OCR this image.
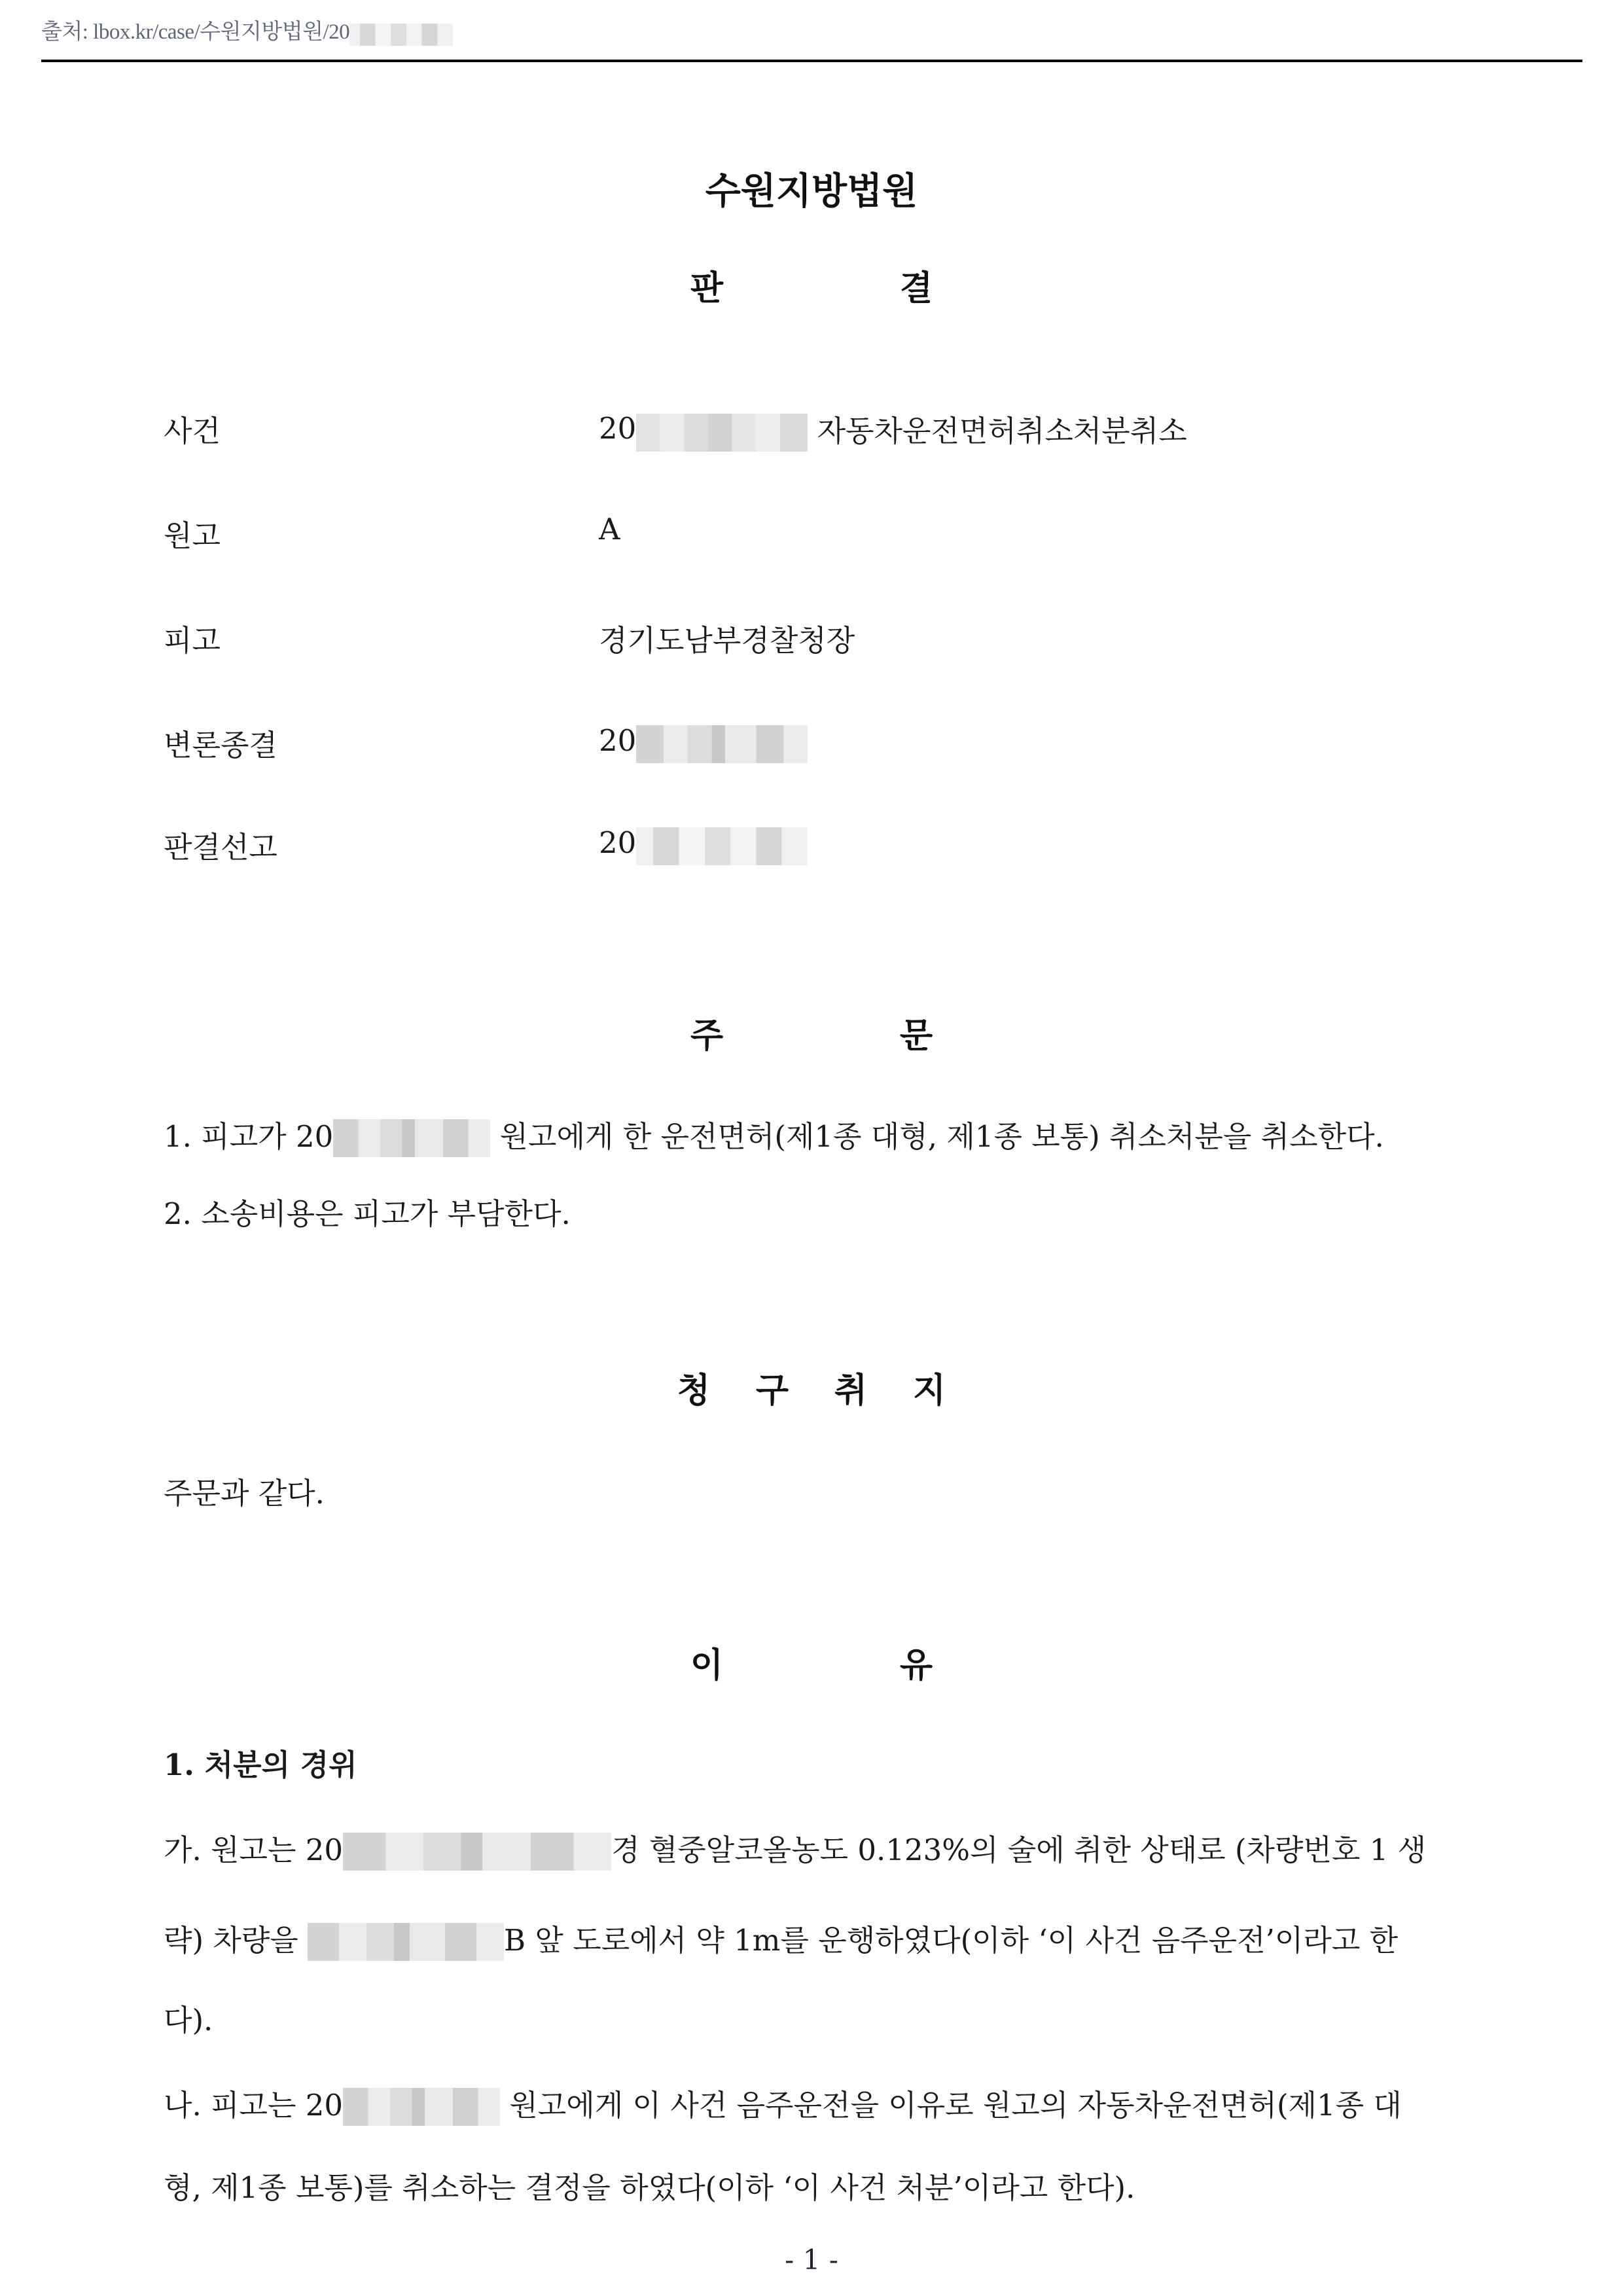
출처: lbox.kr/case/수원지방법원/20
수원지방법원
판	결
사건	20	자동차운전면허취소처분취소
원고	A
피고	경기도남부경찰청장
변론종결	20
판결선고	20
주	문
1. 피고가 20	원고에게 한 운전면허(제1종 대형, 제1종 보통) 취소처분을 취소한다.
2. 소송비용은 피고가 부담한다.
청	구	취	지
주문과 같다.
이	유
1. 처분의 경위
가. 원고는 20	경 혈중알코올농도 0.123%의 술에 취한 상태로 (차량번호 1 생
략) 차량을	B 앞 도로에서 약 1m를 운행하였다(이하 ‘이 사건 음주운전’이라고 한
다).
나. 피고는 20	원고에게 이 사건 음주운전을 이유로 원고의 자동차운전면허(제1종 대
형, 제1종 보통)를 취소하는 결정을 하였다(이하 ‘이 사건 처분’이라고 한다).
- 1 -
